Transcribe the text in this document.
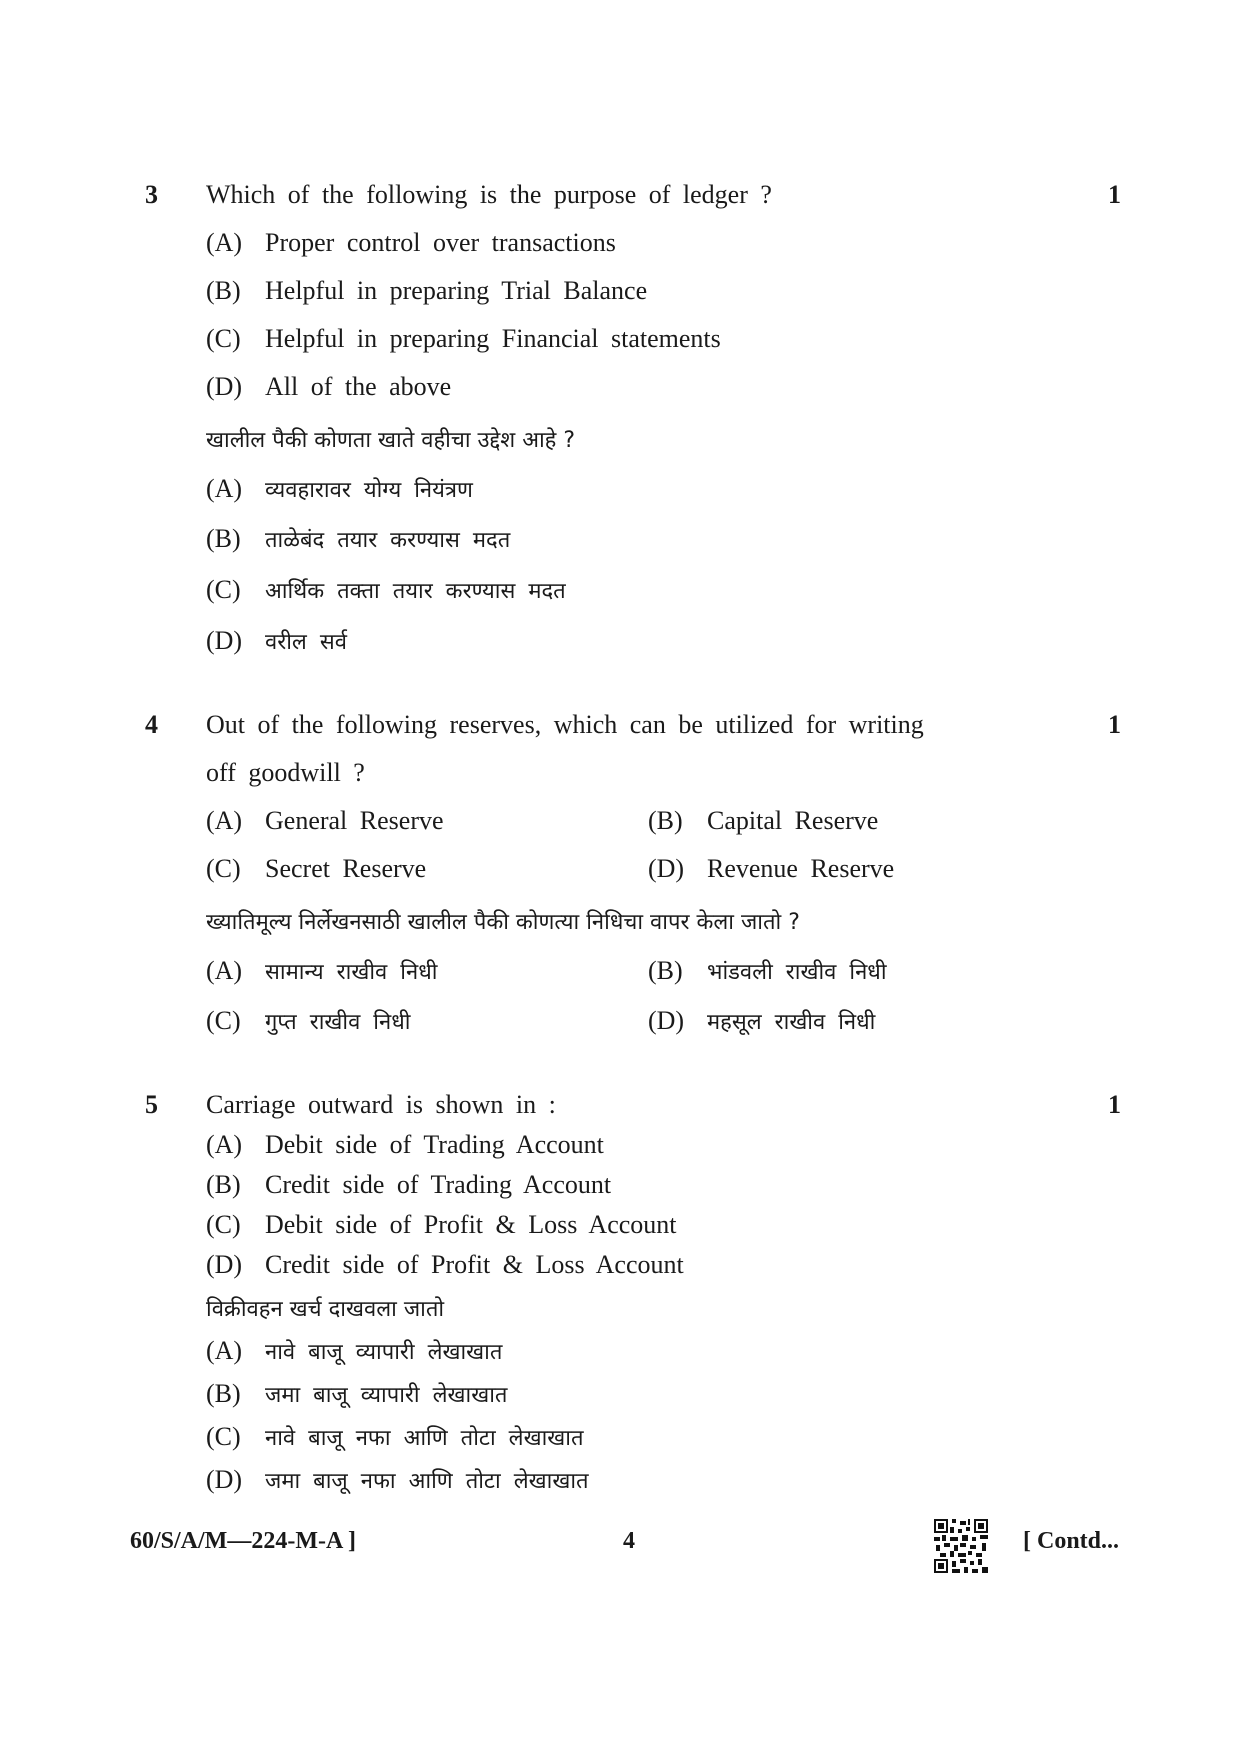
3	1
Which of the following is the purpose of ledger ?
(A) Proper control over transactions
(B) Helpful in preparing Trial Balance
(C) Helpful in preparing Financial statements
(D) All of the above
खालील पैकी कोणता खाते वहीचा उद्देश आहे ?
(A) व्यवहारावर योग्य नियंत्रण
(B) ताळेबंद तयार करण्यास मदत
(C) आर्थिक तक्ता तयार करण्यास मदत
(D) वरील सर्व
4	1
Out of the following reserves, which can be utilized for writing
off goodwill ?
(A) General Reserve	(B) Capital Reserve
(C) Secret Reserve	(D) Revenue Reserve
ख्यातिमूल्य निर्लेखनसाठी खालील पैकी कोणत्या निधिचा वापर केला जातो ?
(A) सामान्य राखीव निधी	(B) भांडवली राखीव निधी
(C) गुप्त राखीव निधी	(D) महसूल राखीव निधी
5	1
Carriage outward is shown in :
(A) Debit side of Trading Account
(B) Credit side of Trading Account
(C) Debit side of Profit & Loss Account
(D) Credit side of Profit & Loss Account
विक्रीवहन खर्च दाखवला जातो
(A) नावे बाजू व्यापारी लेखाखात
(B) जमा बाजू व्यापारी लेखाखात
(C) नावे बाजू नफा आणि तोटा लेखाखात
(D) जमा बाजू नफा आणि तोटा लेखाखात
60/S/A/M—224-M-A ]	4	[ Contd...
